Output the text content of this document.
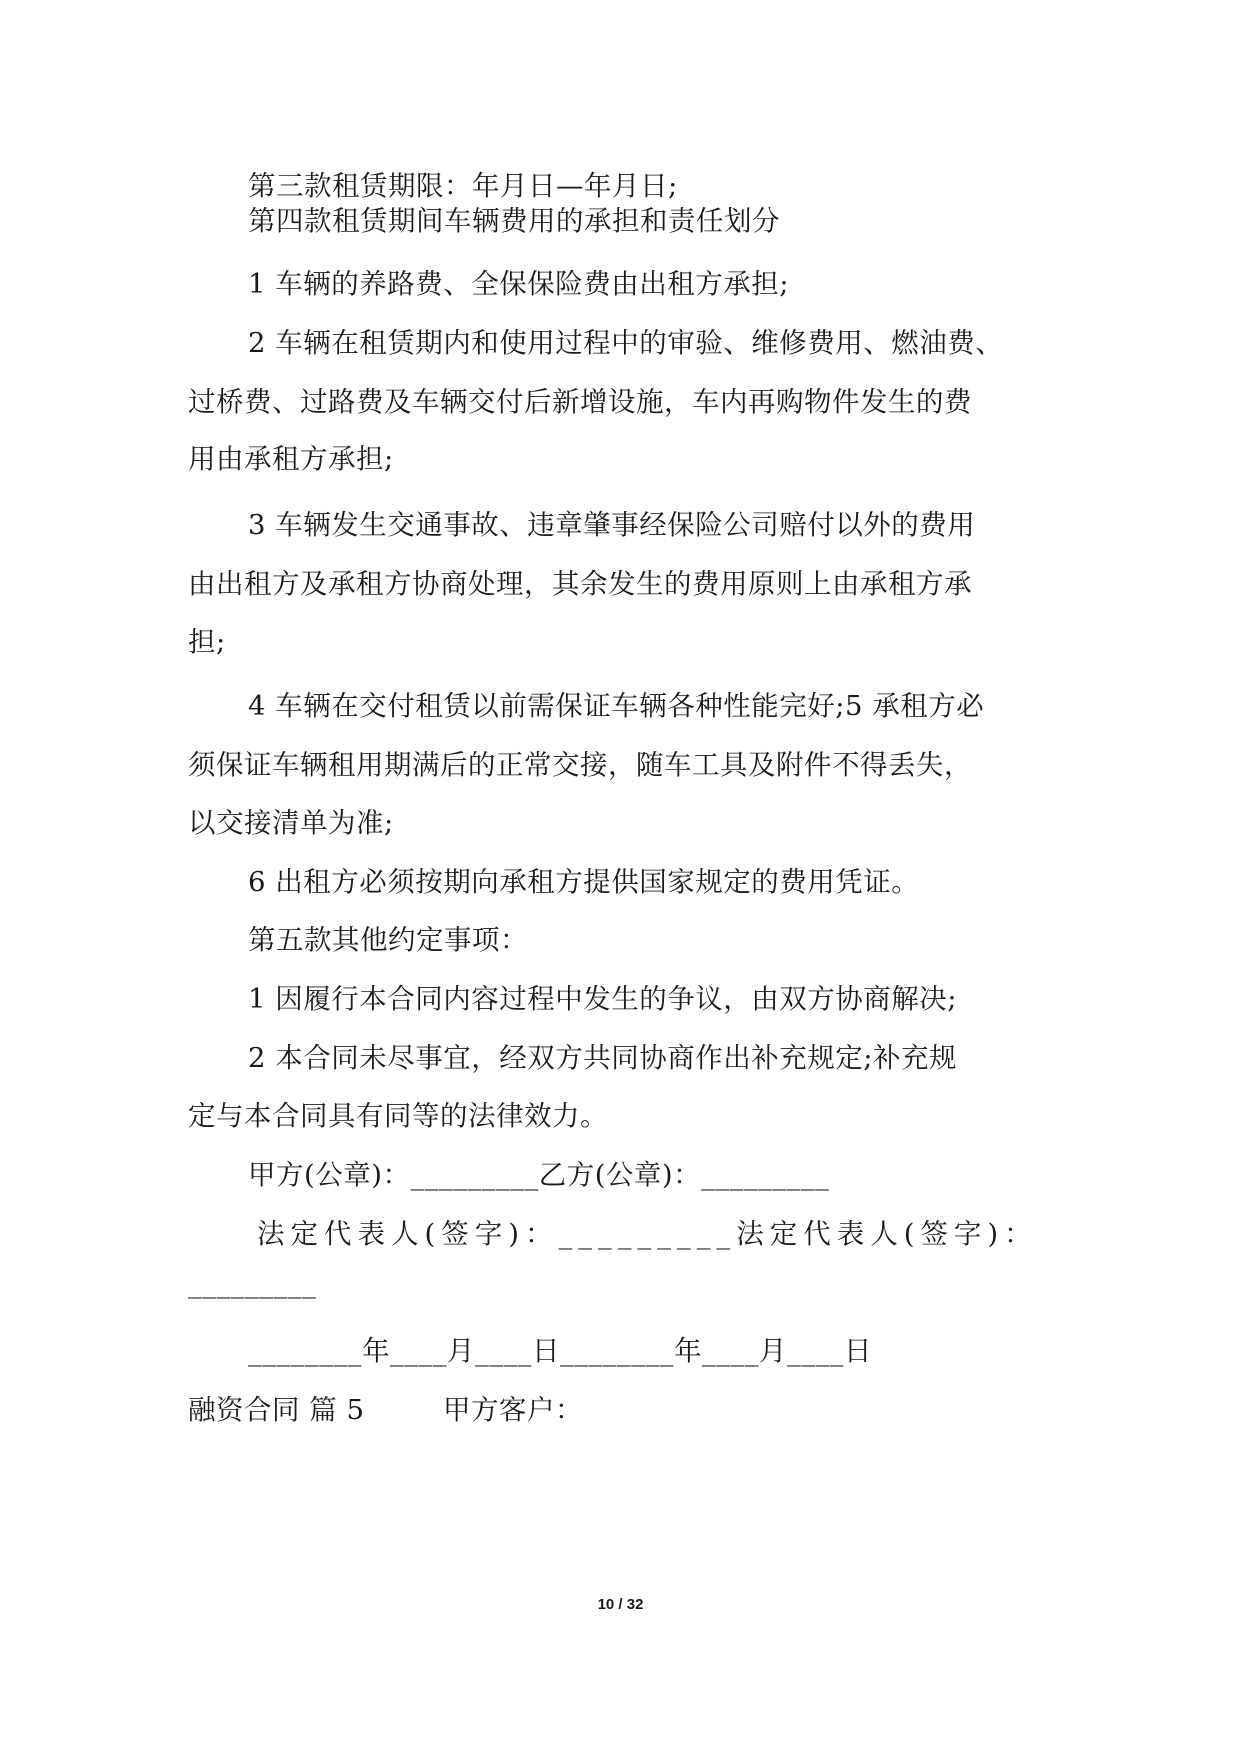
第三款租赁期限：年月日—年月日;
第四款租赁期间车辆费用的承担和责任划分
1 车辆的养路费、全保保险费由出租方承担;
2 车辆在租赁期内和使用过程中的审验、维修费用、燃油费、
过桥费、过路费及车辆交付后新增设施，车内再购物件发生的费
用由承租方承担;
3 车辆发生交通事故、违章肇事经保险公司赔付以外的费用
由出租方及承租方协商处理，其余发生的费用原则上由承租方承
担;
4 车辆在交付租赁以前需保证车辆各种性能完好;5 承租方必
须保证车辆租用期满后的正常交接，随车工具及附件不得丢失，
以交接清单为准;
6 出租方必须按期向承租方提供国家规定的费用凭证。
第五款其他约定事项：
1 因履行本合同内容过程中发生的争议，由双方协商解决;
2 本合同未尽事宜，经双方共同协商作出补充规定;补充规
定与本合同具有同等的法律效力。
甲方(公章)：_________乙方(公章)：_________
法定代表人(签字)：_________法定代表人(签字)：
_________
________年____月____日________年____月____日
融资合同 篇 5	甲方客户：
10 / 32
